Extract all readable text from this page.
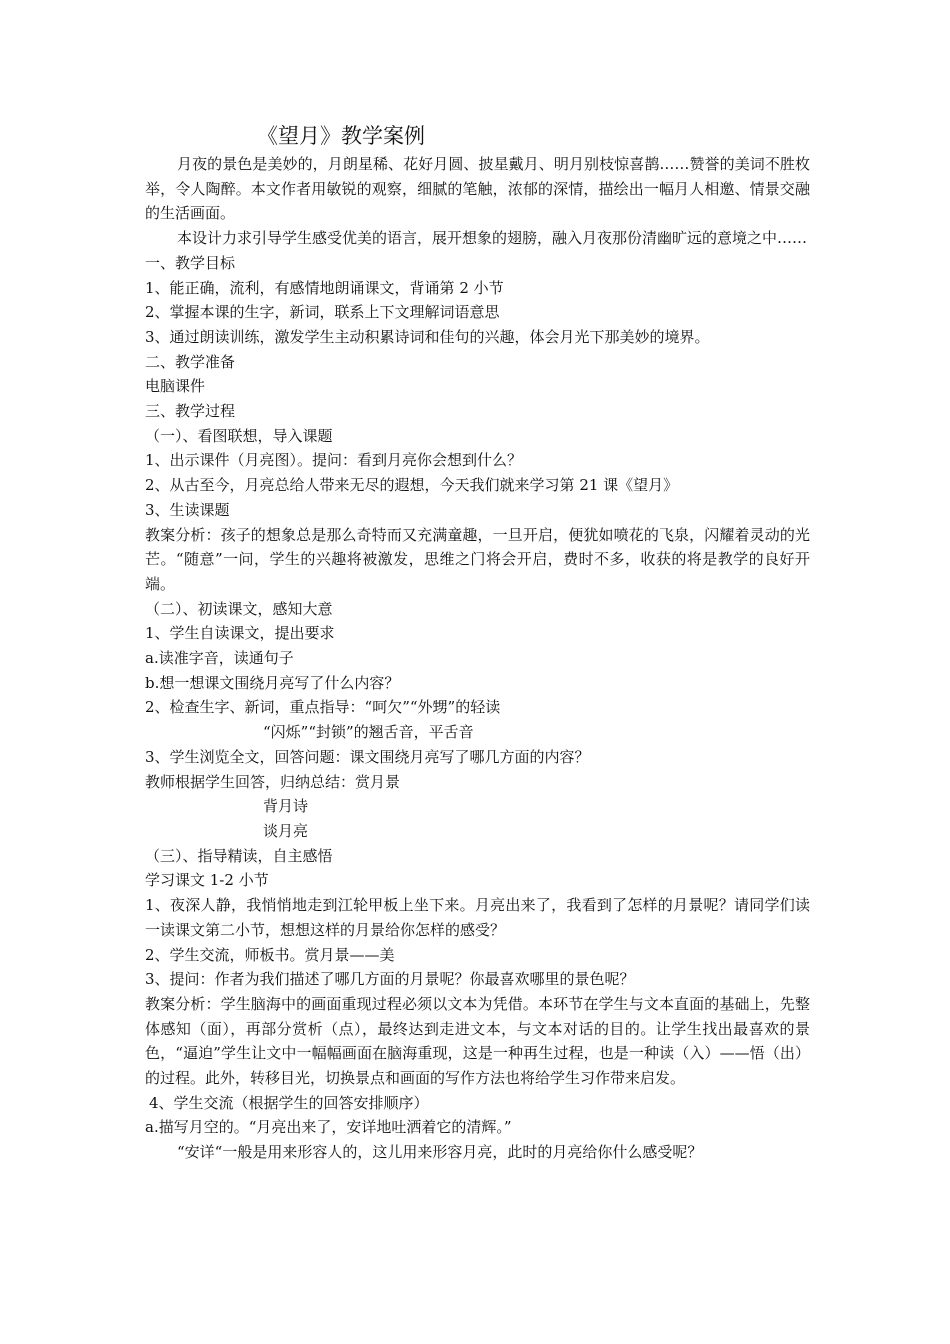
《望月》教学案例

月夜的景色是美妙的，月朗星稀、花好月圆、披星戴月、明月别枝惊喜鹊……赞誉的美词不胜枚举，令人陶醉。本文作者用敏锐的观察，细腻的笔触，浓郁的深情，描绘出一幅月人相邀、情景交融的生活画面。

本设计力求引导学生感受优美的语言，展开想象的翅膀，融入月夜那份清幽旷远的意境之中……

一、教学目标

1、能正确，流利，有感情地朗诵课文，背诵第 2 小节

2、掌握本课的生字，新词，联系上下文理解词语意思

3、通过朗读训练，激发学生主动积累诗词和佳句的兴趣，体会月光下那美妙的境界。

二、教学准备

电脑课件

三、教学过程

（一）、看图联想，导入课题

1、出示课件（月亮图）。提问：看到月亮你会想到什么？

2、从古至今，月亮总给人带来无尽的遐想，今天我们就来学习第 21 课《望月》

3、生读课题

教案分析：孩子的想象总是那么奇特而又充满童趣，一旦开启，便犹如喷花的飞泉，闪耀着灵动的光芒。“随意”一问，学生的兴趣将被激发，思维之门将会开启，费时不多，收获的将是教学的良好开端。

（二）、初读课文，感知大意

1、学生自读课文，提出要求

a.读准字音，读通句子

b.想一想课文围绕月亮写了什么内容？

2、检查生字、新词，重点指导：“呵欠”“外甥”的轻读

“闪烁”“封锁”的翘舌音，平舌音

3、学生浏览全文，回答问题：课文围绕月亮写了哪几方面的内容？

教师根据学生回答，归纳总结：赏月景

背月诗

谈月亮

（三）、指导精读，自主感悟

学习课文 1-2 小节

1、夜深人静，我悄悄地走到江轮甲板上坐下来。月亮出来了，我看到了怎样的月景呢？请同学们读一读课文第二小节，想想这样的月景给你怎样的感受？

2、学生交流，师板书。赏月景——美

3、提问：作者为我们描述了哪几方面的月景呢？你最喜欢哪里的景色呢？

教案分析：学生脑海中的画面重现过程必须以文本为凭借。本环节在学生与文本直面的基础上，先整体感知（面），再部分赏析（点），最终达到走进文本，与文本对话的目的。让学生找出最喜欢的景色，“逼迫”学生让文中一幅幅画面在脑海重现，这是一种再生过程，也是一种读（入）——悟（出）的过程。此外，转移目光，切换景点和画面的写作方法也将给学生习作带来启发。

4、学生交流（根据学生的回答安排顺序）

a.描写月空的。“月亮出来了，安详地吐洒着它的清辉。”

“安详“一般是用来形容人的，这儿用来形容月亮，此时的月亮给你什么感受呢？
